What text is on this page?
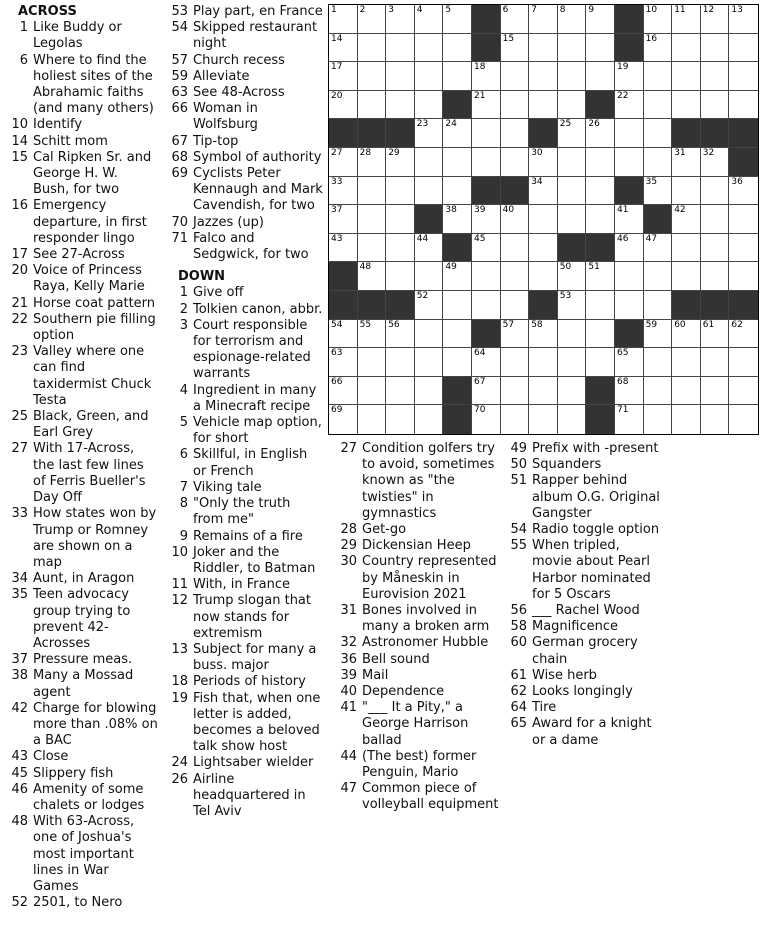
ACROSS
1 Like Buddy or Legolas
6 Where to find the holiest sites of the Abrahamic faiths (and many others)
10 Identify
14 Schitt mom
15 Cal Ripken Sr. and George H. W. Bush, for two
16 Emergency departure, in first responder lingo
17 See 27-Across
20 Voice of Princess Raya, Kelly Marie
21 Horse coat pattern
22 Southern pie filling option
23 Valley where one can find taxidermist Chuck Testa
25 Black, Green, and Earl Grey
27 With 17-Across, the last few lines of Ferris Bueller's Day Off
33 How states won by Trump or Romney are shown on a map
34 Aunt, in Aragon
35 Teen advocacy group trying to prevent 42-Acrosses
37 Pressure meas.
38 Many a Mossad agent
42 Charge for blowing more than .08% on a BAC
43 Close
45 Slippery fish
46 Amenity of some chalets or lodges
48 With 63-Across, one of Joshua's most important lines in War Games
52 2501, to Nero
53 Play part, en France
54 Skipped restaurant night
57 Church recess
59 Alleviate
63 See 48-Across
66 Woman in Wolfsburg
67 Tip-top
68 Symbol of authority
69 Cyclists Peter Kennaugh and Mark Cavendish, for two
70 Jazzes (up)
71 Falco and Sedgwick, for two
DOWN
1 Give off
2 Tolkien canon, abbr.
3 Court responsible for terrorism and espionage-related warrants
4 Ingredient in many a Minecraft recipe
5 Vehicle map option, for short
6 Skillful, in English or French
7 Viking tale
8 "Only the truth from me"
9 Remains of a fire
10 Joker and the Riddler, to Batman
11 With, in France
12 Trump slogan that now stands for extremism
13 Subject for many a buss. major
18 Periods of history
19 Fish that, when one letter is added, becomes a beloved talk show host
24 Lightsaber wielder
26 Airline headquartered in Tel Aviv
1	2	3	4	5	6	7	8	9	10 11 12 13
14	15	16
17	18	19
20	21	22
23 24	25 26
27 28 29	30	31 32
33	34	35	36
37	38 39 40	41	42
43	44	45	46 47
48	49	50 51
52	53
54 55 56	57 58	59 60 61 62
63	64	65
66	67	68
69	70	71
27 Condition golfers try to avoid, sometimes known as "the twisties" in gymnastics
28 Get-go
29 Dickensian Heep
30 Country represented by Måneskin in Eurovision 2021
31 Bones involved in many a broken arm
32 Astronomer Hubble
36 Bell sound
39 Mail
40 Dependence
41 "___ It a Pity," a George Harrison ballad
44 (The best) former Penguin, Mario
47 Common piece of volleyball equipment
49 Prefix with -present
50 Squanders
51 Rapper behind album O.G. Original Gangster
54 Radio toggle option
55 When tripled, movie about Pearl Harbor nominated for 5 Oscars
56 ___ Rachel Wood
58 Magnificence
60 German grocery chain
61 Wise herb
62 Looks longingly
64 Tire
65 Award for a knight or a dame
